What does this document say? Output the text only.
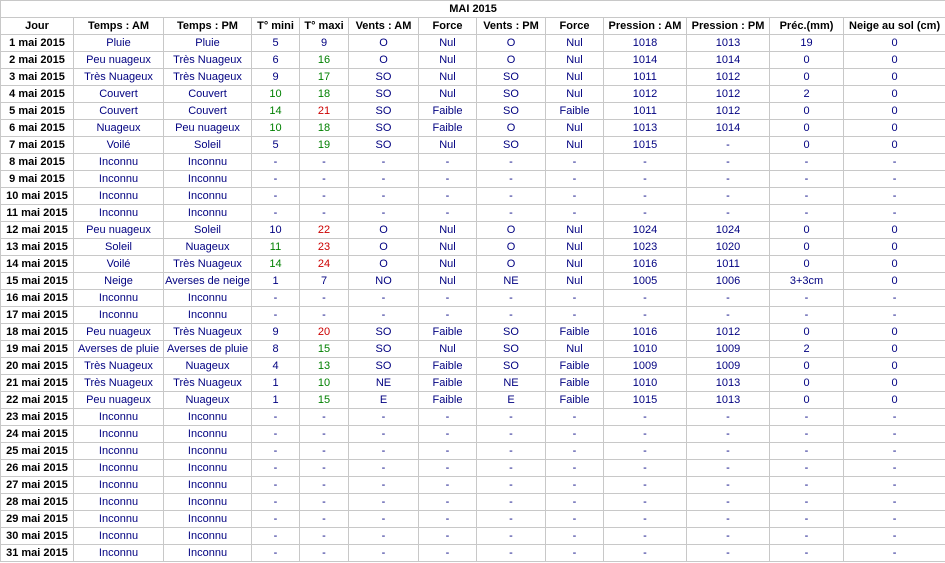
MAI 2015												
Jour	Temps : AM	Temps : PM	T° mini	T° maxi	Vents : AM	Force	Vents : PM	Force	Pression : AM	Pression : PM	Préc.(mm)	Neige au sol (cm)
1 mai 2015	Pluie	Pluie	5	9	O	Nul	O	Nul	1018	1013	19	0
2 mai 2015	Peu nuageux	Très Nuageux	6	16	O	Nul	O	Nul	1014	1014	0	0
3 mai 2015	Très Nuageux	Très Nuageux	9	17	SO	Nul	SO	Nul	1011	1012	0	0
4 mai 2015	Couvert	Couvert	10	18	SO	Nul	SO	Nul	1012	1012	2	0
5 mai 2015	Couvert	Couvert	14	21	SO	Faible	SO	Faible	1011	1012	0	0
6 mai 2015	Nuageux	Peu nuageux	10	18	SO	Faible	O	Nul	1013	1014	0	0
7 mai 2015	Voilé	Soleil	5	19	SO	Nul	SO	Nul	1015	-	0	0
8 mai 2015	Inconnu	Inconnu	-	-	-	-	-	-	-	-	-	-
9 mai 2015	Inconnu	Inconnu	-	-	-	-	-	-	-	-	-	-
10 mai 2015	Inconnu	Inconnu	-	-	-	-	-	-	-	-	-	-
11 mai 2015	Inconnu	Inconnu	-	-	-	-	-	-	-	-	-	-
12 mai 2015	Peu nuageux	Soleil	10	22	O	Nul	O	Nul	1024	1024	0	0
13 mai 2015	Soleil	Nuageux	11	23	O	Nul	O	Nul	1023	1020	0	0
14 mai 2015	Voilé	Très Nuageux	14	24	O	Nul	O	Nul	1016	1011	0	0
15 mai 2015	Neige	Averses de neige	1	7	NO	Nul	NE	Nul	1005	1006	3+3cm	0
16 mai 2015	Inconnu	Inconnu	-	-	-	-	-	-	-	-	-	-
17 mai 2015	Inconnu	Inconnu	-	-	-	-	-	-	-	-	-	-
18 mai 2015	Peu nuageux	Très Nuageux	9	20	SO	Faible	SO	Faible	1016	1012	0	0
19 mai 2015	Averses de pluie	Averses de pluie	8	15	SO	Nul	SO	Nul	1010	1009	2	0
20 mai 2015	Très Nuageux	Nuageux	4	13	SO	Faible	SO	Faible	1009	1009	0	0
21 mai 2015	Très Nuageux	Très Nuageux	1	10	NE	Faible	NE	Faible	1010	1013	0	0
22 mai 2015	Peu nuageux	Nuageux	1	15	E	Faible	E	Faible	1015	1013	0	0
23 mai 2015	Inconnu	Inconnu	-	-	-	-	-	-	-	-	-	-
24 mai 2015	Inconnu	Inconnu	-	-	-	-	-	-	-	-	-	-
25 mai 2015	Inconnu	Inconnu	-	-	-	-	-	-	-	-	-	-
26 mai 2015	Inconnu	Inconnu	-	-	-	-	-	-	-	-	-	-
27 mai 2015	Inconnu	Inconnu	-	-	-	-	-	-	-	-	-	-
28 mai 2015	Inconnu	Inconnu	-	-	-	-	-	-	-	-	-	-
29 mai 2015	Inconnu	Inconnu	-	-	-	-	-	-	-	-	-	-
30 mai 2015	Inconnu	Inconnu	-	-	-	-	-	-	-	-	-	-
31 mai 2015	Inconnu	Inconnu	-	-	-	-	-	-	-	-	-	-
